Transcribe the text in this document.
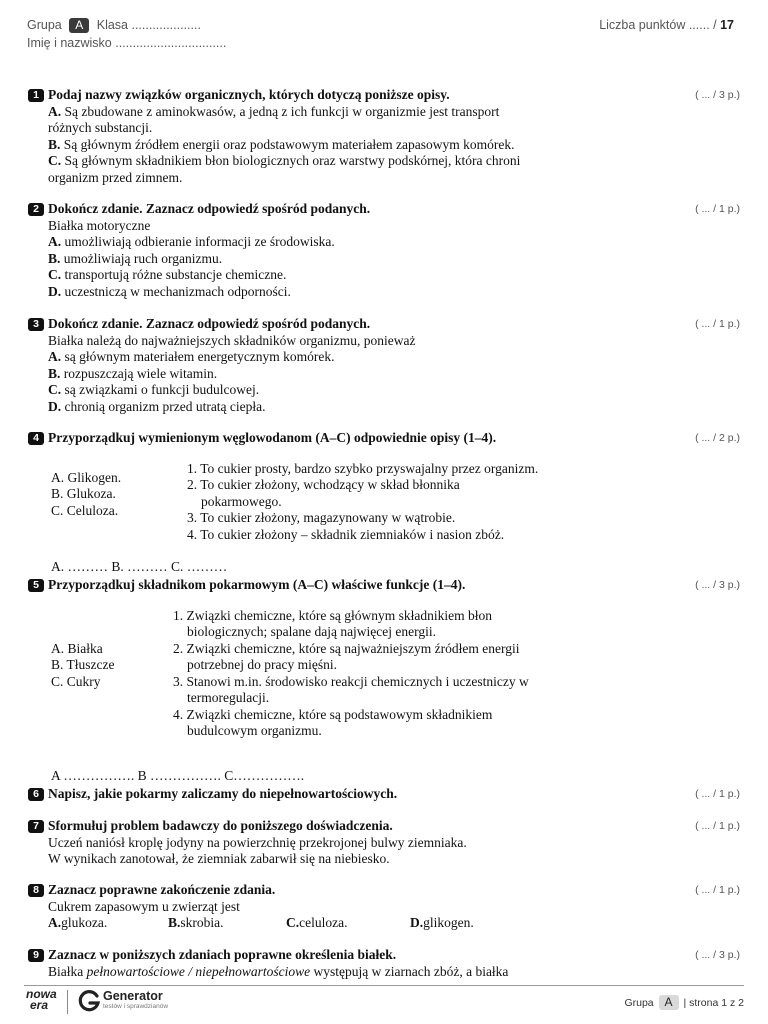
Grupa A Klasa ....................
Imię i nazwisko ................................
Liczba punktów ...... / 17
1 Podaj nazwy związków organicznych, których dotyczą poniższe opisy.	( ... / 3 p.)
A. Są zbudowane z aminokwasów, a jedną z ich funkcji w organizmie jest transport
różnych substancji.
B. Są głównym źródłem energii oraz podstawowym materiałem zapasowym komórek.
C. Są głównym składnikiem błon biologicznych oraz warstwy podskórnej, która chroni
organizm przed zimnem.
2 Dokończ zdanie. Zaznacz odpowiedź spośród podanych.	( ... / 1 p.)
Białka motoryczne
A. umożliwiają odbieranie informacji ze środowiska.
B. umożliwiają ruch organizmu.
C. transportują różne substancje chemiczne.
D. uczestniczą w mechanizmach odporności.
3 Dokończ zdanie. Zaznacz odpowiedź spośród podanych.	( ... / 1 p.)
Białka należą do najważniejszych składników organizmu, ponieważ
A. są głównym materiałem energetycznym komórek.
B. rozpuszczają wiele witamin.
C. są związkami o funkcji budulcowej.
D. chronią organizm przed utratą ciepła.
4 Przyporządkuj wymienionym węglowodanom (A–C) odpowiednie opisy (1–4).	( ... / 2 p.)
A. Glikogen.
B. Glukoza.
C. Celuloza.
1. To cukier prosty, bardzo szybko przyswajalny przez organizm.
2. To cukier złożony, wchodzący w skład błonnika pokarmowego.
3. To cukier złożony, magazynowany w wątrobie.
4. To cukier złożony – składnik ziemniaków i nasion zbóż.
A. ……… B. ……… C. ………
5 Przyporządkuj składnikom pokarmowym (A–C) właściwe funkcje (1–4).	( ... / 3 p.)
A. Białka
B. Tłuszcze
C. Cukry
1. Związki chemiczne, które są głównym składnikiem błon biologicznych; spalane dają najwięcej energii.
2. Związki chemiczne, które są najważniejszym źródłem energii potrzebnej do pracy mięśni.
3. Stanowi m.in. środowisko reakcji chemicznych i uczestniczy w termoregulacji.
4. Związki chemiczne, które są podstawowym składnikiem budulcowym organizmu.
A ……………. B ……………. C…………….
6 Napisz, jakie pokarmy zaliczamy do niepełnowartościowych.	( ... / 1 p.)
7 Sformułuj problem badawczy do poniższego doświadczenia.	( ... / 1 p.)
Uczeń naniósł kroplę jodyny na powierzchnię przekrojonej bulwy ziemniaka.
W wynikach zanotował, że ziemniak zabarwił się na niebiesko.
8 Zaznacz poprawne zakończenie zdania.	( ... / 1 p.)
Cukrem zapasowym u zwierząt jest
A.glukoza.	B.skrobia.	C.celuloza.	D.glikogen.
9 Zaznacz w poniższych zdaniach poprawne określenia białek.	( ... / 3 p.)
Białka pełnowartościowe / niepełnowartościowe występują w ziarnach zbóż, a białka
nowa
era
Generator
testów i sprawdzianów	Grupa A | strona 1 z 2
